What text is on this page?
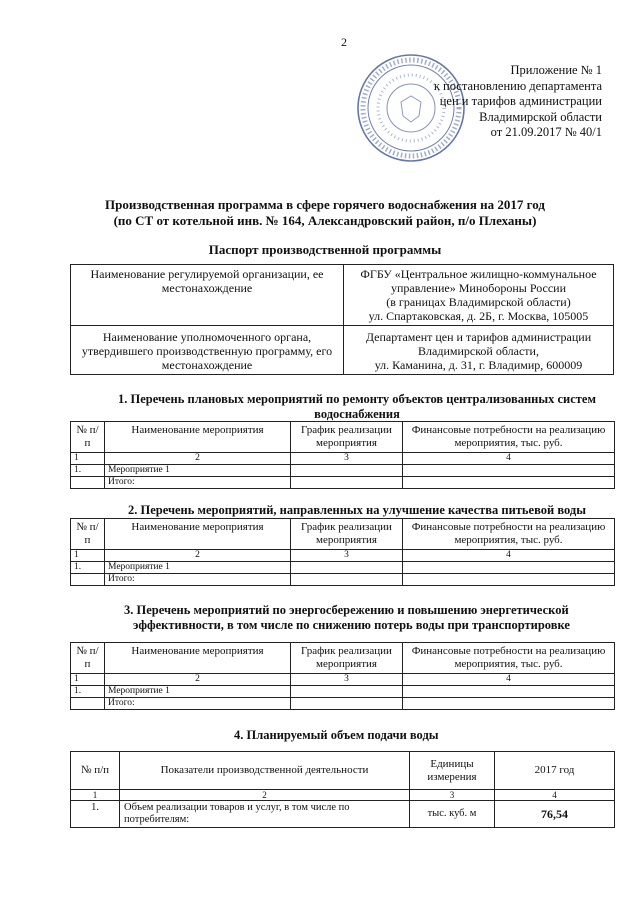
2
Приложение № 1
к постановлению департамента
цен и тарифов администрации
Владимирской области
от 21.09.2017 № 40/1
Производственная программа в сфере горячего водоснабжения на 2017 год
(по СТ от котельной инв. № 164, Александровский район, п/о Плеханы)
Паспорт производственной программы
Наименование регулируемой организации, ее местонахождение	ФГБУ «Центральное жилищно-коммунальное
управление» Минобороны России
(в границах Владимирской области)
ул. Спартаковская, д. 2Б, г. Москва, 105005

Наименование уполномоченного органа, утвердившего производственную программу, его местонахождение	Департамент цен и тарифов администрации
Владимирской области,
ул. Каманина, д. 31, г. Владимир, 600009
1. Перечень плановых мероприятий по ремонту объектов централизованных систем
водоснабжения
№ п/п	Наименование мероприятия	График реализации мероприятия	Финансовые потребности на реализацию мероприятия, тыс. руб.
1	2	3	4
1.	Мероприятие 1		
	Итого:		
2. Перечень мероприятий, направленных на улучшение качества питьевой воды
№ п/п	Наименование мероприятия	График реализации мероприятия	Финансовые потребности на реализацию мероприятия, тыс. руб.
1	2	3	4
1.	Мероприятие 1		
	Итого:		
3. Перечень мероприятий по энергосбережению и повышению энергетической
эффективности, в том числе по снижению потерь воды при транспортировке
№ п/п	Наименование мероприятия	График реализации мероприятия	Финансовые потребности на реализацию мероприятия, тыс. руб.
1	2	3	4
1.	Мероприятие 1		
	Итого:		
4. Планируемый объем подачи воды
№ п/п	Показатели производственной деятельности	Единицы измерения	2017 год
1	2	3	4
1.	Объем реализации товаров и услуг, в том числе по потребителям:	тыс. куб. м	76,54
